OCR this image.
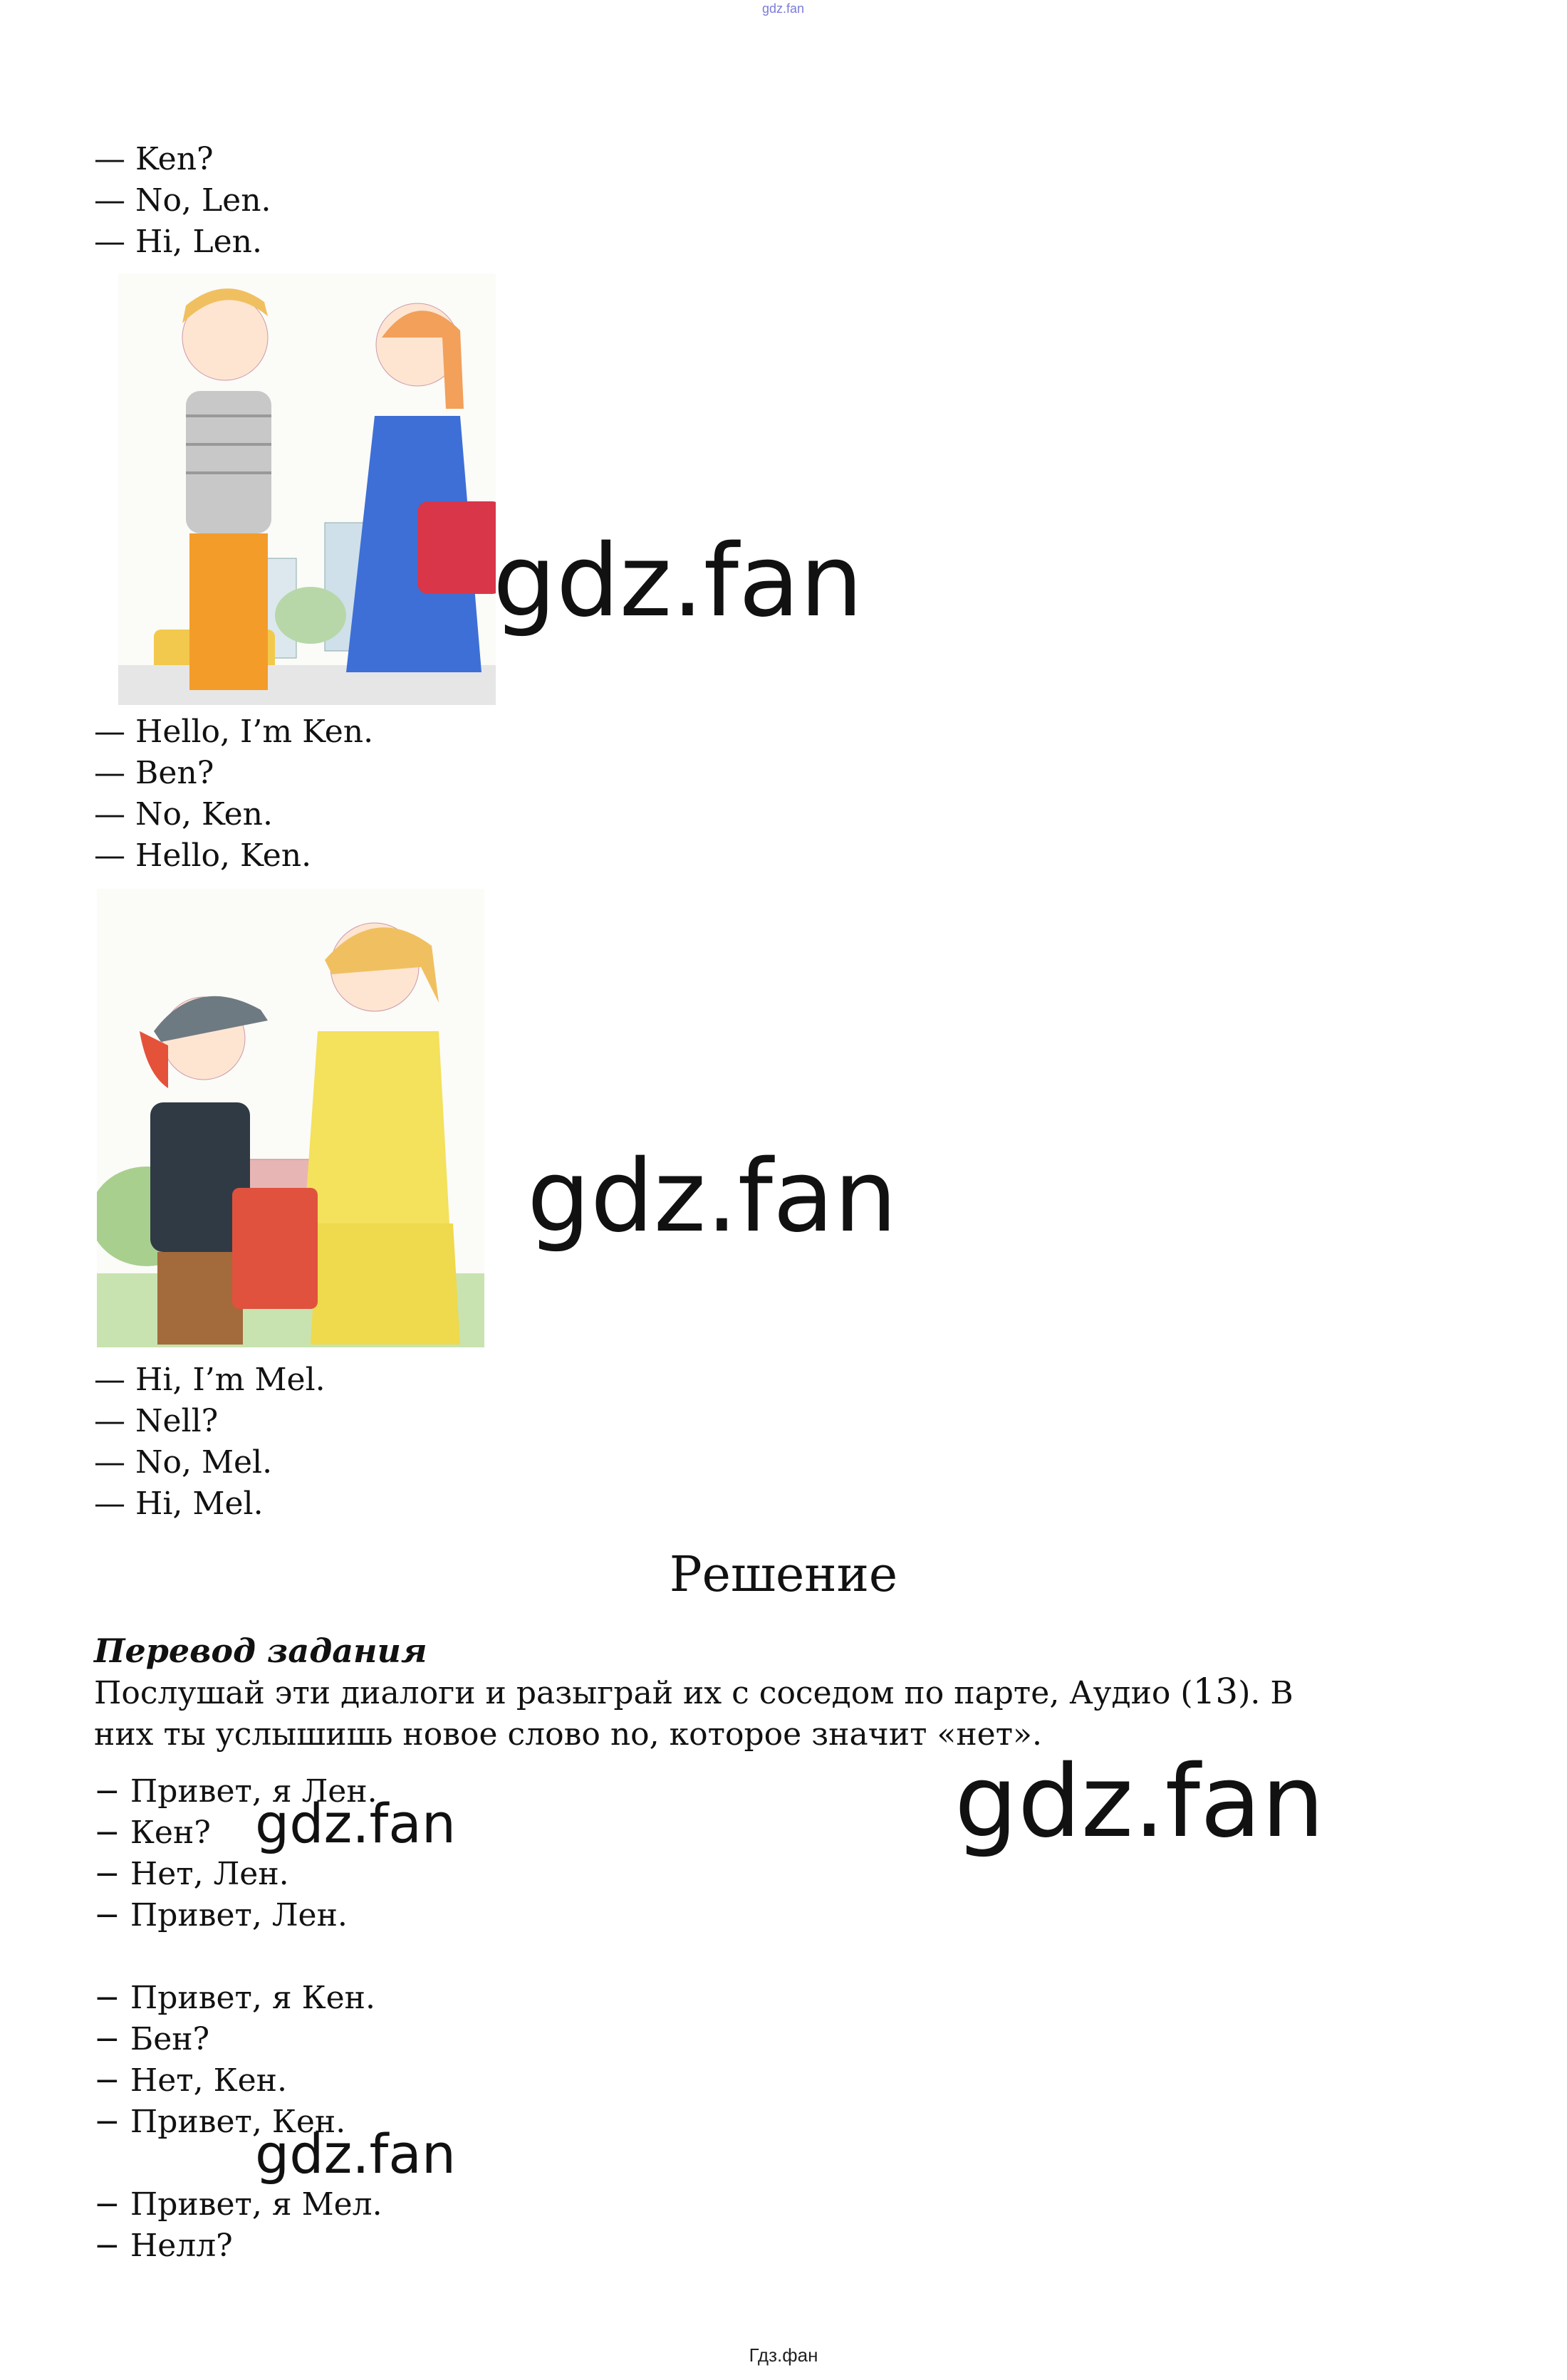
gdz.fan
— Ken?
— No, Len.
— Hi, Len.
gdz.fan
— Hello, I’m Ken.
— Ben?
— No, Ken.
— Hello, Ken.
gdz.fan
— Hi, I’m Mel.
— Nell?
— No, Mel.
— Hi, Mel.
Решение
Перевод задания
Послушай эти диалоги и разыграй их с соседом по парте, Аудио (13). В них ты услышишь новое слово no, которое значит «нет».
− Привет, я Лен.
− Кен?
− Нет, Лен.
− Привет, Лен.
− Привет, я Кен.
− Бен?
− Нет, Кен.
− Привет, Кен.
− Привет, я Мел.
− Нелл?
gdz.fan
gdz.fan
gdz.fan
Гдз.фан
